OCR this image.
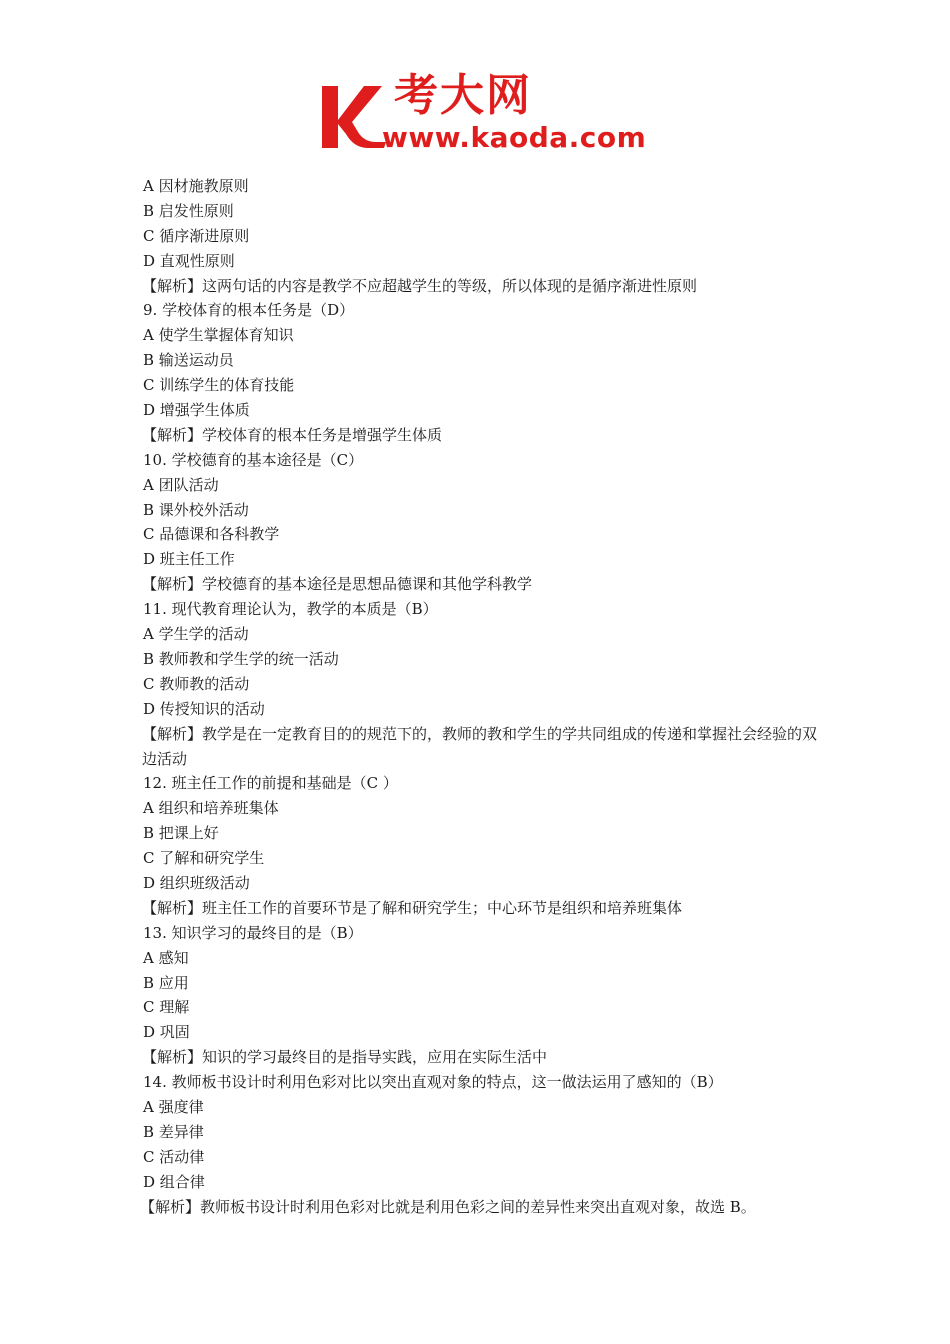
考大网
www.kaoda.com
A 因材施教原则
B 启发性原则
C 循序渐进原则
D 直观性原则
【解析】这两句话的内容是教学不应超越学生的等级，所以体现的是循序渐进性原则
9. 学校体育的根本任务是（D）
A 使学生掌握体育知识
B 输送运动员
C 训练学生的体育技能
D 增强学生体质
【解析】学校体育的根本任务是增强学生体质
10. 学校德育的基本途径是（C）
A 团队活动
B 课外校外活动
C 品德课和各科教学
D 班主任工作
【解析】学校德育的基本途径是思想品德课和其他学科教学
11. 现代教育理论认为，教学的本质是（B）
A 学生学的活动
B 教师教和学生学的统一活动
C 教师教的活动
D 传授知识的活动
【解析】教学是在一定教育目的的规范下的，教师的教和学生的学共同组成的传递和掌握社会经验的双边活动
12. 班主任工作的前提和基础是（C ）
A 组织和培养班集体
B 把课上好
C 了解和研究学生
D 组织班级活动
【解析】班主任工作的首要环节是了解和研究学生；中心环节是组织和培养班集体
13. 知识学习的最终目的是（B）
A 感知
B 应用
C 理解
D 巩固
【解析】知识的学习最终目的是指导实践，应用在实际生活中
14. 教师板书设计时利用色彩对比以突出直观对象的特点，这一做法运用了感知的（B）
A 强度律
B 差异律
C 活动律
D 组合律
【解析】教师板书设计时利用色彩对比就是利用色彩之间的差异性来突出直观对象，故选 B。
